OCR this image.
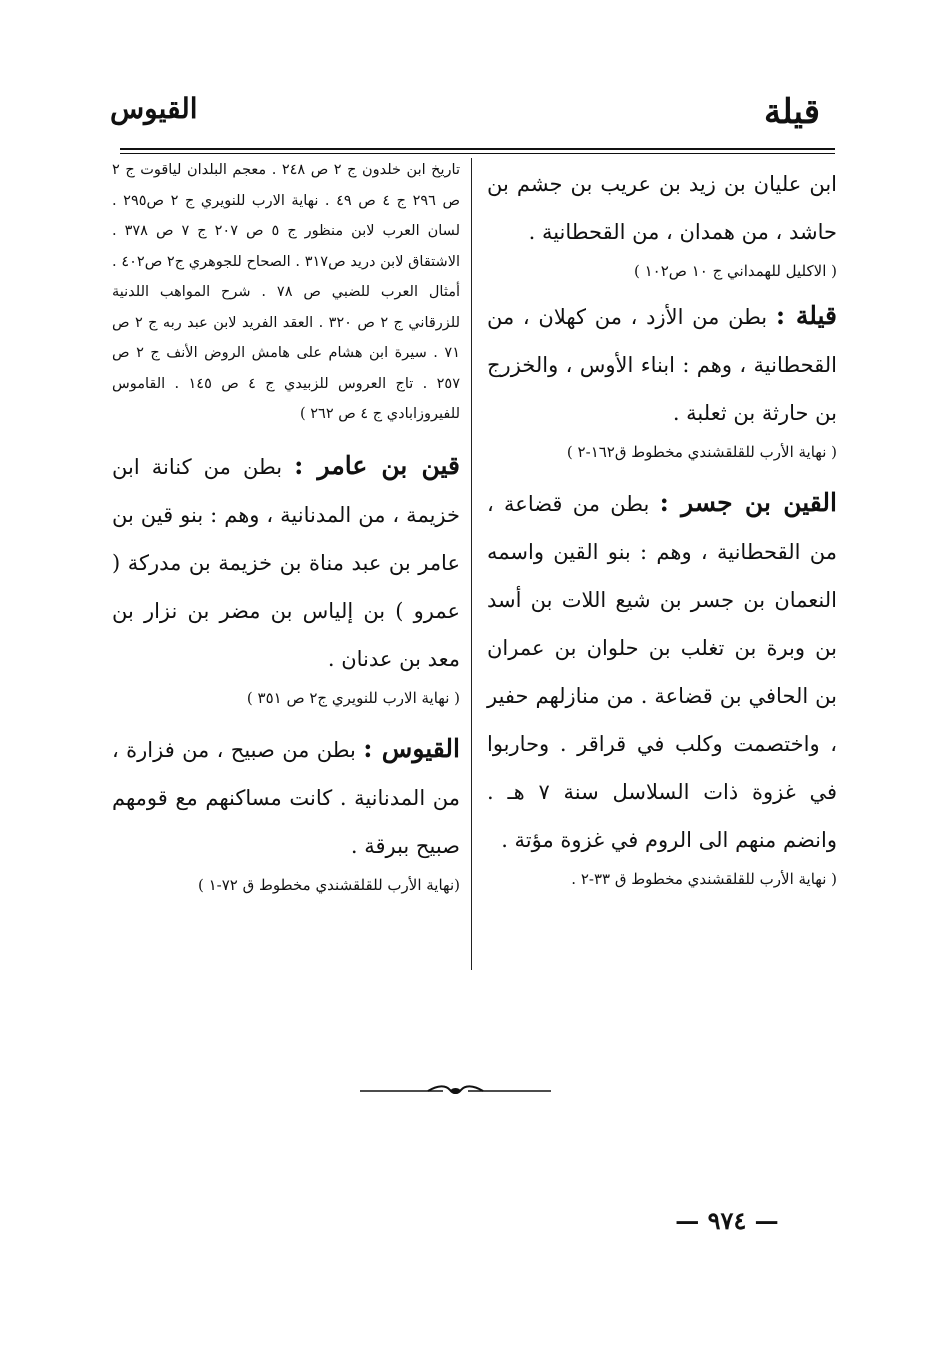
قيلة
القيوس

ابن عليان بن زيد بن عريب بن جشم بن حاشد ، من همدان ، من القحطانية .

( الاكليل للهمداني ج ١٠ ص١٠٢ )

قيلة : بطن من الأزد ، من كهلان ، من القحطانية ، وهم : ابناء الأوس ، والخزرج بن حارثة بن ثعلبة .

( نهاية الأرب للقلقشندي مخطوط ق١٦٢-٢ )

القين بن جسر : بطن من قضاعة ، من القحطانية ، وهم : بنو القين واسمه النعمان بن جسر بن شيع اللات بن أسد بن وبرة بن تغلب بن حلوان بن عمران بن الحافي بن قضاعة . من منازلهم حفير ، واختصمت وكلب في قراقر . وحاربوا في غزوة ذات السلاسل سنة ٧ هـ . وانضم منهم الى الروم في غزوة مؤتة .

( نهاية الأرب للقلقشندي مخطوط ق ٣٣-٢ .

تاريخ ابن خلدون ج ٢ ص ٢٤٨ . معجم البلدان لياقوت ج ٢ ص ٢٩٦ ج ٤ ص ٤٩ . نهاية الارب للنويري ج ٢ ص٢٩٥ . لسان العرب لابن منظور ج ٥ ص ٢٠٧ ج ٧ ص ٣٧٨ . الاشتقاق لابن دريد ص٣١٧ . الصحاح للجوهري ج٢ ص٤٠٢ . أمثال العرب للضبي ص ٧٨ . شرح المواهب اللدنية للزرقاني ج ٢ ص ٣٢٠ . العقد الفريد لابن عبد ربه ج ٢ ص ٧١ . سيرة ابن هشام على هامش الروض الأنف ج ٢ ص ٢٥٧ . تاج العروس للزبيدي ج ٤ ص ١٤٥ . القاموس للفيروزابادي ج ٤ ص ٢٦٢ )

قين بن عامر : بطن من كنانة ابن خزيمة ، من المدنانية ، وهم : بنو قين بن عامر بن عبد مناة بن خزيمة بن مدركة ( عمرو ) بن إلياس بن مضر بن نزار بن معد بن عدنان .

( نهاية الارب للنويري ج٢ ص ٣٥١ )

القيوس : بطن من صبيح ، من فزارة ، من المدنانية . كانت مساكنهم مع قومهم صبيح ببرقة .

(نهاية الأرب للقلقشندي مخطوط ق ٧٢-١ )

— ٩٧٤ —
